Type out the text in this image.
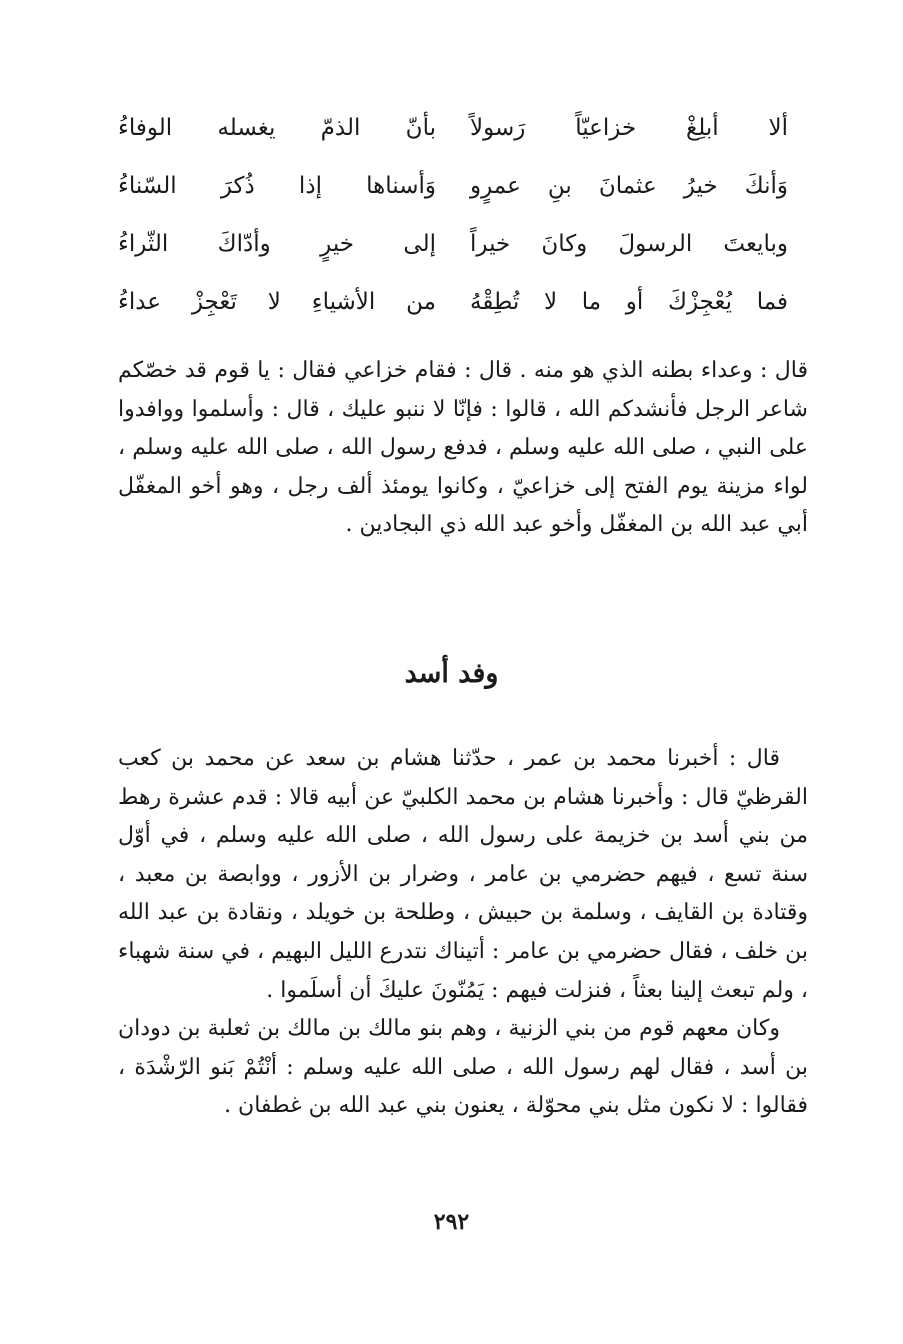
ألا أبلِغْ خزاعيّاً رَسولاً
بأنّ الذمّ يغسله الوفاءُ
وَأنكَ خيرُ عثمانَ بنِ عمرٍو
وَأسناها إذا ذُكرَ السّناءُ
وبايعتَ الرسولَ وكانَ خيراً
إلى خيرٍ وأدّاكَ الثّراءُ
فما يُعْجِزْكَ أو ما لا تُطِقْهُ
من الأشياءِ لا تَعْجِزْ عداءُ

قال : وعداء بطنه الذي هو منه . قال : فقام خزاعي فقال : يا قوم قد خصّكم شاعر الرجل فأنشدكم الله ، قالوا : فإنّا لا ننبو عليك ، قال : وأسلموا ووافدوا على النبي ، صلى الله عليه وسلم ، فدفع رسول الله ، صلى الله عليه وسلم ، لواء مزينة يوم الفتح إلى خزاعيّ ، وكانوا يومئذ ألف رجل ، وهو أخو المغفّل أبي عبد الله بن المغفّل وأخو عبد الله ذي البجادين .

وفد أسد

قال : أخبرنا محمد بن عمر ، حدّثنا هشام بن سعد عن محمد بن كعب القرظيّ قال : وأخبرنا هشام بن محمد الكلبيّ عن أبيه قالا : قدم عشرة رهط من بني أسد بن خزيمة على رسول الله ، صلى الله عليه وسلم ، في أوّل سنة تسع ، فيهم حضرمي بن عامر ، وضرار بن الأزور ، ووابصة بن معبد ، وقتادة بن القايف ، وسلمة بن حبيش ، وطلحة بن خويلد ، ونقادة بن عبد الله بن خلف ، فقال حضرمي بن عامر : أتيناك نتدرع الليل البهيم ، في سنة شهباء ، ولم تبعث إلينا بعثاً ، فنزلت فيهم : يَمُنّونَ عليكَ أن أسلَموا .

وكان معهم قوم من بني الزنية ، وهم بنو مالك بن مالك بن ثعلبة بن دودان بن أسد ، فقال لهم رسول الله ، صلى الله عليه وسلم : أنْتُمْ بَنو الرّشْدَة ، فقالوا : لا نكون مثل بني محوّلة ، يعنون بني عبد الله بن غطفان .

٢٩٢
